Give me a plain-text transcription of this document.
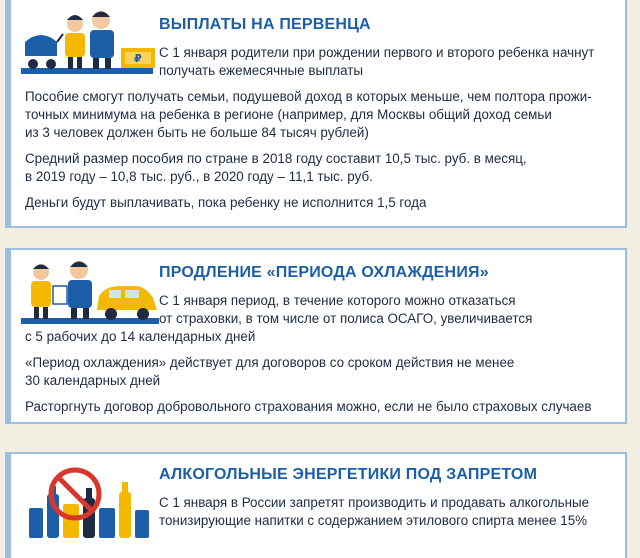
₽
ВЫПЛАТЫ НА ПЕРВЕНЦА

С 1 января родители при рождении первого и второго ребенка начнут

получать ежемесячные выплаты

Пособие смогут получать семьи, подушевой доход в которых меньше, чем полтора прожи-

точных минимума на ребенка в регионе (например, для Москвы общий доход семьи

из 3 человек должен быть не больше 84 тысяч рублей)

Средний размер пособия по стране в 2018 году составит 10,5 тыс. руб. в месяц,

в 2019 году – 10,8 тыс. руб., в 2020 году – 11,1 тыс. руб.

Деньги будут выплачивать, пока ребенку не исполнится 1,5 года

ПРОДЛЕНИЕ «ПЕРИОДА ОХЛАЖДЕНИЯ»

С 1 января период, в течение которого можно отказаться

от страховки, в том числе от полиса ОСАГО, увеличивается

с 5 рабочих до 14 календарных дней

«Период охлаждения» действует для договоров со сроком действия не менее

30 календарных дней

Расторгнуть договор добровольного страхования можно, если не было страховых случаев

АЛКОГОЛЬНЫЕ ЭНЕРГЕТИКИ ПОД ЗАПРЕТОМ

С 1 января в России запретят производить и продавать алкогольные

тонизирующие напитки с содержанием этилового спирта менее 15%
